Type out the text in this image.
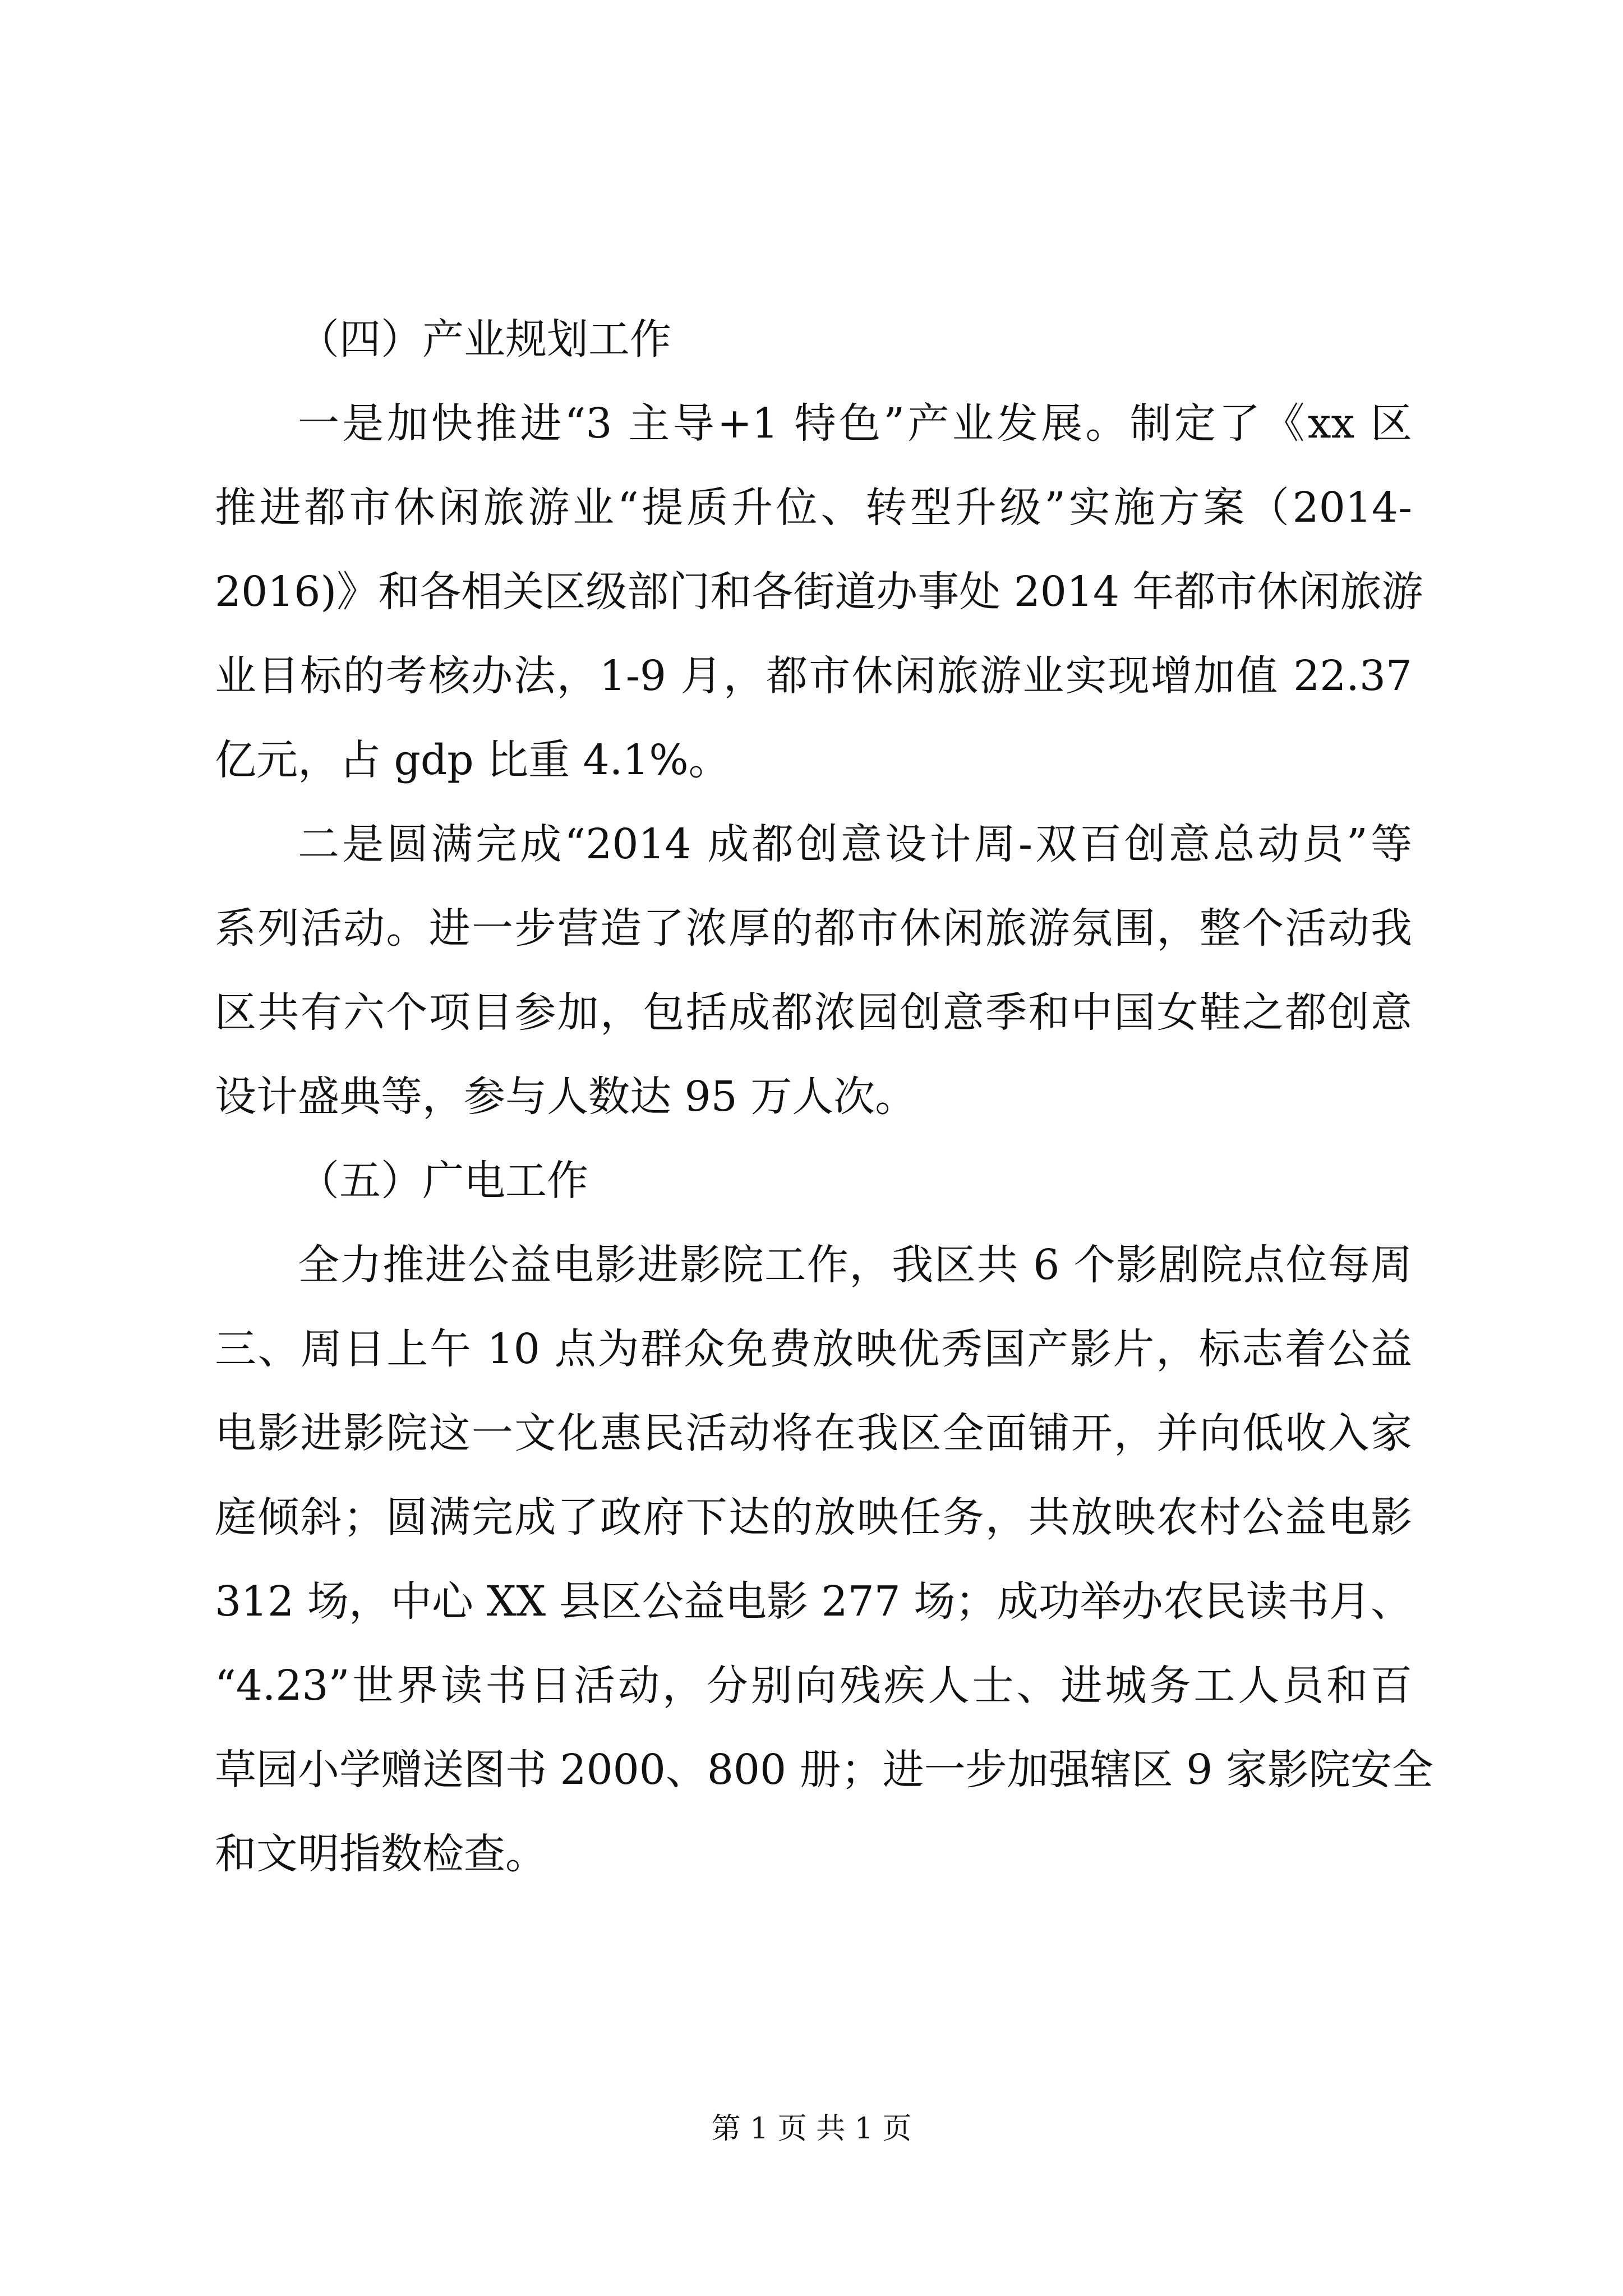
（四）产业规划工作
一是加快推进“3 主导+1 特色”产业发展。制定了《xx 区
推进都市休闲旅游业“提质升位、转型升级”实施方案（2014-
2016)》和各相关区级部门和各街道办事处 2014 年都市休闲旅游
业目标的考核办法，1-9 月，都市休闲旅游业实现增加值 22.37
亿元，占 gdp 比重 4.1%。
二是圆满完成“2014 成都创意设计周-双百创意总动员”等
系列活动。进一步营造了浓厚的都市休闲旅游氛围，整个活动我
区共有六个项目参加，包括成都浓园创意季和中国女鞋之都创意
设计盛典等，参与人数达 95 万人次。
（五）广电工作
全力推进公益电影进影院工作，我区共 6 个影剧院点位每周
三、周日上午 10 点为群众免费放映优秀国产影片，标志着公益
电影进影院这一文化惠民活动将在我区全面铺开，并向低收入家
庭倾斜；圆满完成了政府下达的放映任务，共放映农村公益电影
312 场，中心 XX 县区公益电影 277 场；成功举办农民读书月、
“4.23”世界读书日活动，分别向残疾人士、进城务工人员和百
草园小学赠送图书 2000、800 册；进一步加强辖区 9 家影院安全
和文明指数检查。
第 1 页 共 1 页
